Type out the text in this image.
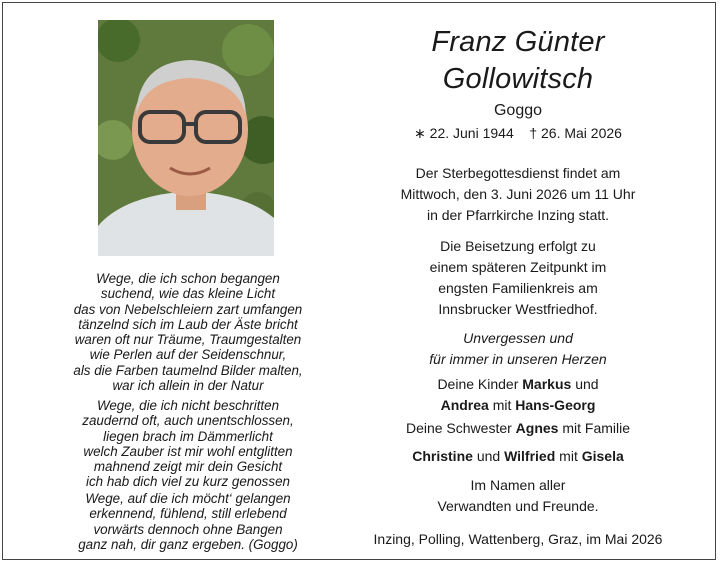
Wege, die ich schon begangen
suchend, wie das kleine Licht
das von Nebelschleiern zart umfangen
tänzelnd sich im Laub der Äste bricht
waren oft nur Träume, Traumgestalten
wie Perlen auf der Seidenschnur,
als die Farben taumelnd Bilder malten,
war ich allein in der Natur
Wege, die ich nicht beschritten
zaudernd oft, auch unentschlossen,
liegen brach im Dämmerlicht
welch Zauber ist mir wohl entglitten
mahnend zeigt mir dein Gesicht
ich hab dich viel zu kurz genossen
Wege, auf die ich möcht‘ gelangen
erkennend, fühlend, still erlebend
vorwärts dennoch ohne Bangen
ganz nah, dir ganz ergeben. (Goggo)
Franz Günter
Gollowitsch
Goggo
∗ 22. Juni 1944 † 26. Mai 2026
Der Sterbegottesdienst findet am
Mittwoch, den 3. Juni 2026 um 11 Uhr
in der Pfarrkirche Inzing statt.
Die Beisetzung erfolgt zu
einem späteren Zeitpunkt im
engsten Familienkreis am
Innsbrucker Westfriedhof.
Unvergessen und
für immer in unseren Herzen
Deine Kinder Markus und
Andrea mit Hans-Georg
Deine Schwester Agnes mit Familie
Christine und Wilfried mit Gisela
Im Namen aller
Verwandten und Freunde.
Inzing, Polling, Wattenberg, Graz, im Mai 2026
